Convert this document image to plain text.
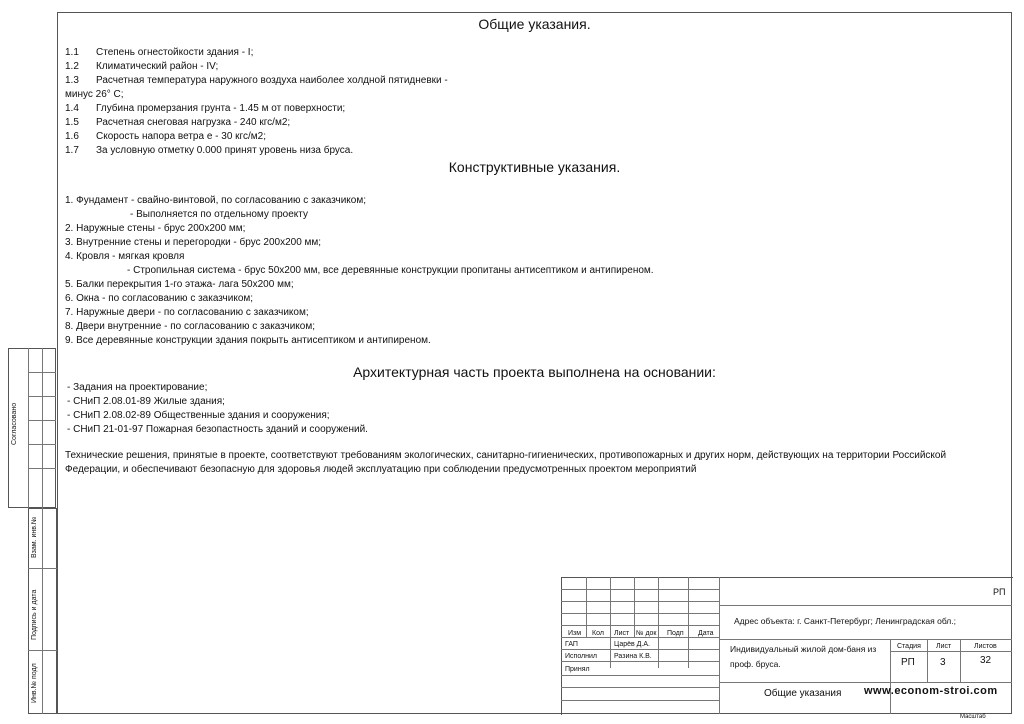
Общие указания.
1.1 Степень огнестойкости здания - I;
1.2 Климатический район - IV;
1.3 Расчетная температура наружного воздуха наиболее холдной пятидневки -
минус 26° С;
1.4 Глубина промерзания грунта - 1.45 м от поверхности;
1.5 Расчетная снеговая нагрузка - 240 кгс/м2;
1.6 Скорость напора ветра е - 30 кгс/м2;
1.7 За условную отметку 0.000 принят уровень низа бруса.
Конструктивные указания.
1. Фундамент - свайно-винтовой, по согласованию с заказчиком;
- Выполняется по отдельному проекту
2. Наружные стены - брус 200х200 мм;
3. Внутренние стены и перегородки - брус 200х200 мм;
4. Кровля - мягкая кровля
- Стропильная система - брус 50х200 мм, все деревянные конструкции пропитаны антисептиком и антипиреном.
5. Балки перекрытия 1-го этажа- лага 50х200 мм;
6. Окна - по согласованию с заказчиком;
7. Наружные двери - по согласованию с заказчиком;
8. Двери внутренние - по согласованию с заказчиком;
9. Все деревянные конструкции здания покрыть антисептиком и антипиреном.
Архитектурная часть проекта выполнена на основании:
- Задания на проектирование;
- СНиП 2.08.01-89 Жилые здания;
- СНиП 2.08.02-89 Общественные здания и сооружения;
- СНиП 21-01-97 Пожарная безопастность зданий и сооружений.
Технические решения, принятые в проекте, соответствуют требованиям экологических, санитарно-гигиенических, противопожарных и других норм, действующих на территории Российской Федерации, и обеспечивают безопасную для здоровья людей эксплуатацию при соблюдении предусмотренных проектом мероприятий
Согласовано
Взам. инв.№
Подпись и дата
Инв.№ подл
Изм Кол Лист № док Подп Дата
ГАП	Царёв Д.А.
Исполнил Разина К.В.
Принял
РП
Адрес объекта: г. Санкт-Петербург; Ленинградская обл.;
Индивидуальный жилой дом-баня из проф. бруса.
Стадия Лист	Листов
РП	3	32
Общие указания www.econom-stroi.com
Масштаб
